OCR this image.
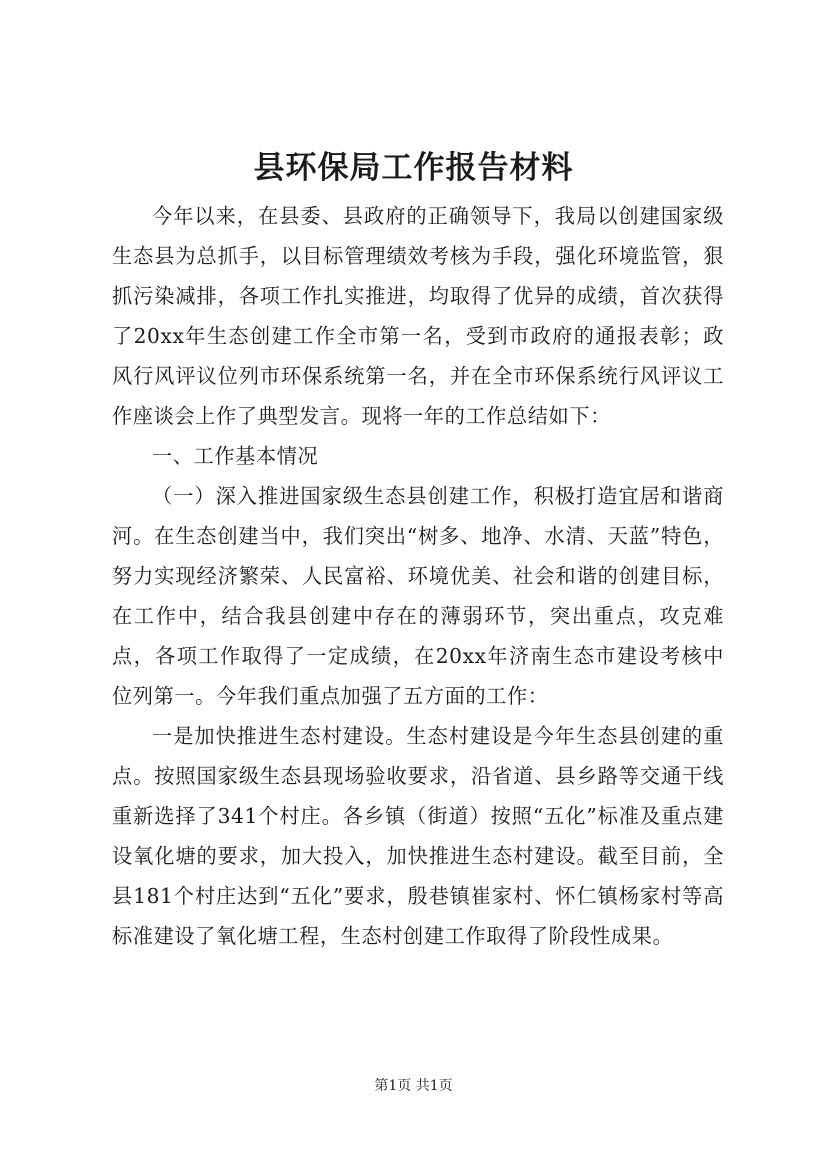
县环保局工作报告材料

今年以来，在县委、县政府的正确领导下，我局以创建国家级生态县为总抓手，以目标管理绩效考核为手段，强化环境监管，狠抓污染减排，各项工作扎实推进，均取得了优异的成绩，首次获得了20xx年生态创建工作全市第一名，受到市政府的通报表彰；政风行风评议位列市环保系统第一名，并在全市环保系统行风评议工作座谈会上作了典型发言。现将一年的工作总结如下：

一、工作基本情况

（一）深入推进国家级生态县创建工作，积极打造宜居和谐商河。在生态创建当中，我们突出“树多、地净、水清、天蓝”特色，努力实现经济繁荣、人民富裕、环境优美、社会和谐的创建目标，在工作中，结合我县创建中存在的薄弱环节，突出重点，攻克难点，各项工作取得了一定成绩，在20xx年济南生态市建设考核中位列第一。今年我们重点加强了五方面的工作：

一是加快推进生态村建设。生态村建设是今年生态县创建的重点。按照国家级生态县现场验收要求，沿省道、县乡路等交通干线重新选择了341个村庄。各乡镇（街道）按照“五化”标准及重点建设氧化塘的要求，加大投入，加快推进生态村建设。截至目前，全县181个村庄达到“五化”要求，殷巷镇崔家村、怀仁镇杨家村等高标准建设了氧化塘工程，生态村创建工作取得了阶段性成果。

第1页 共1页
